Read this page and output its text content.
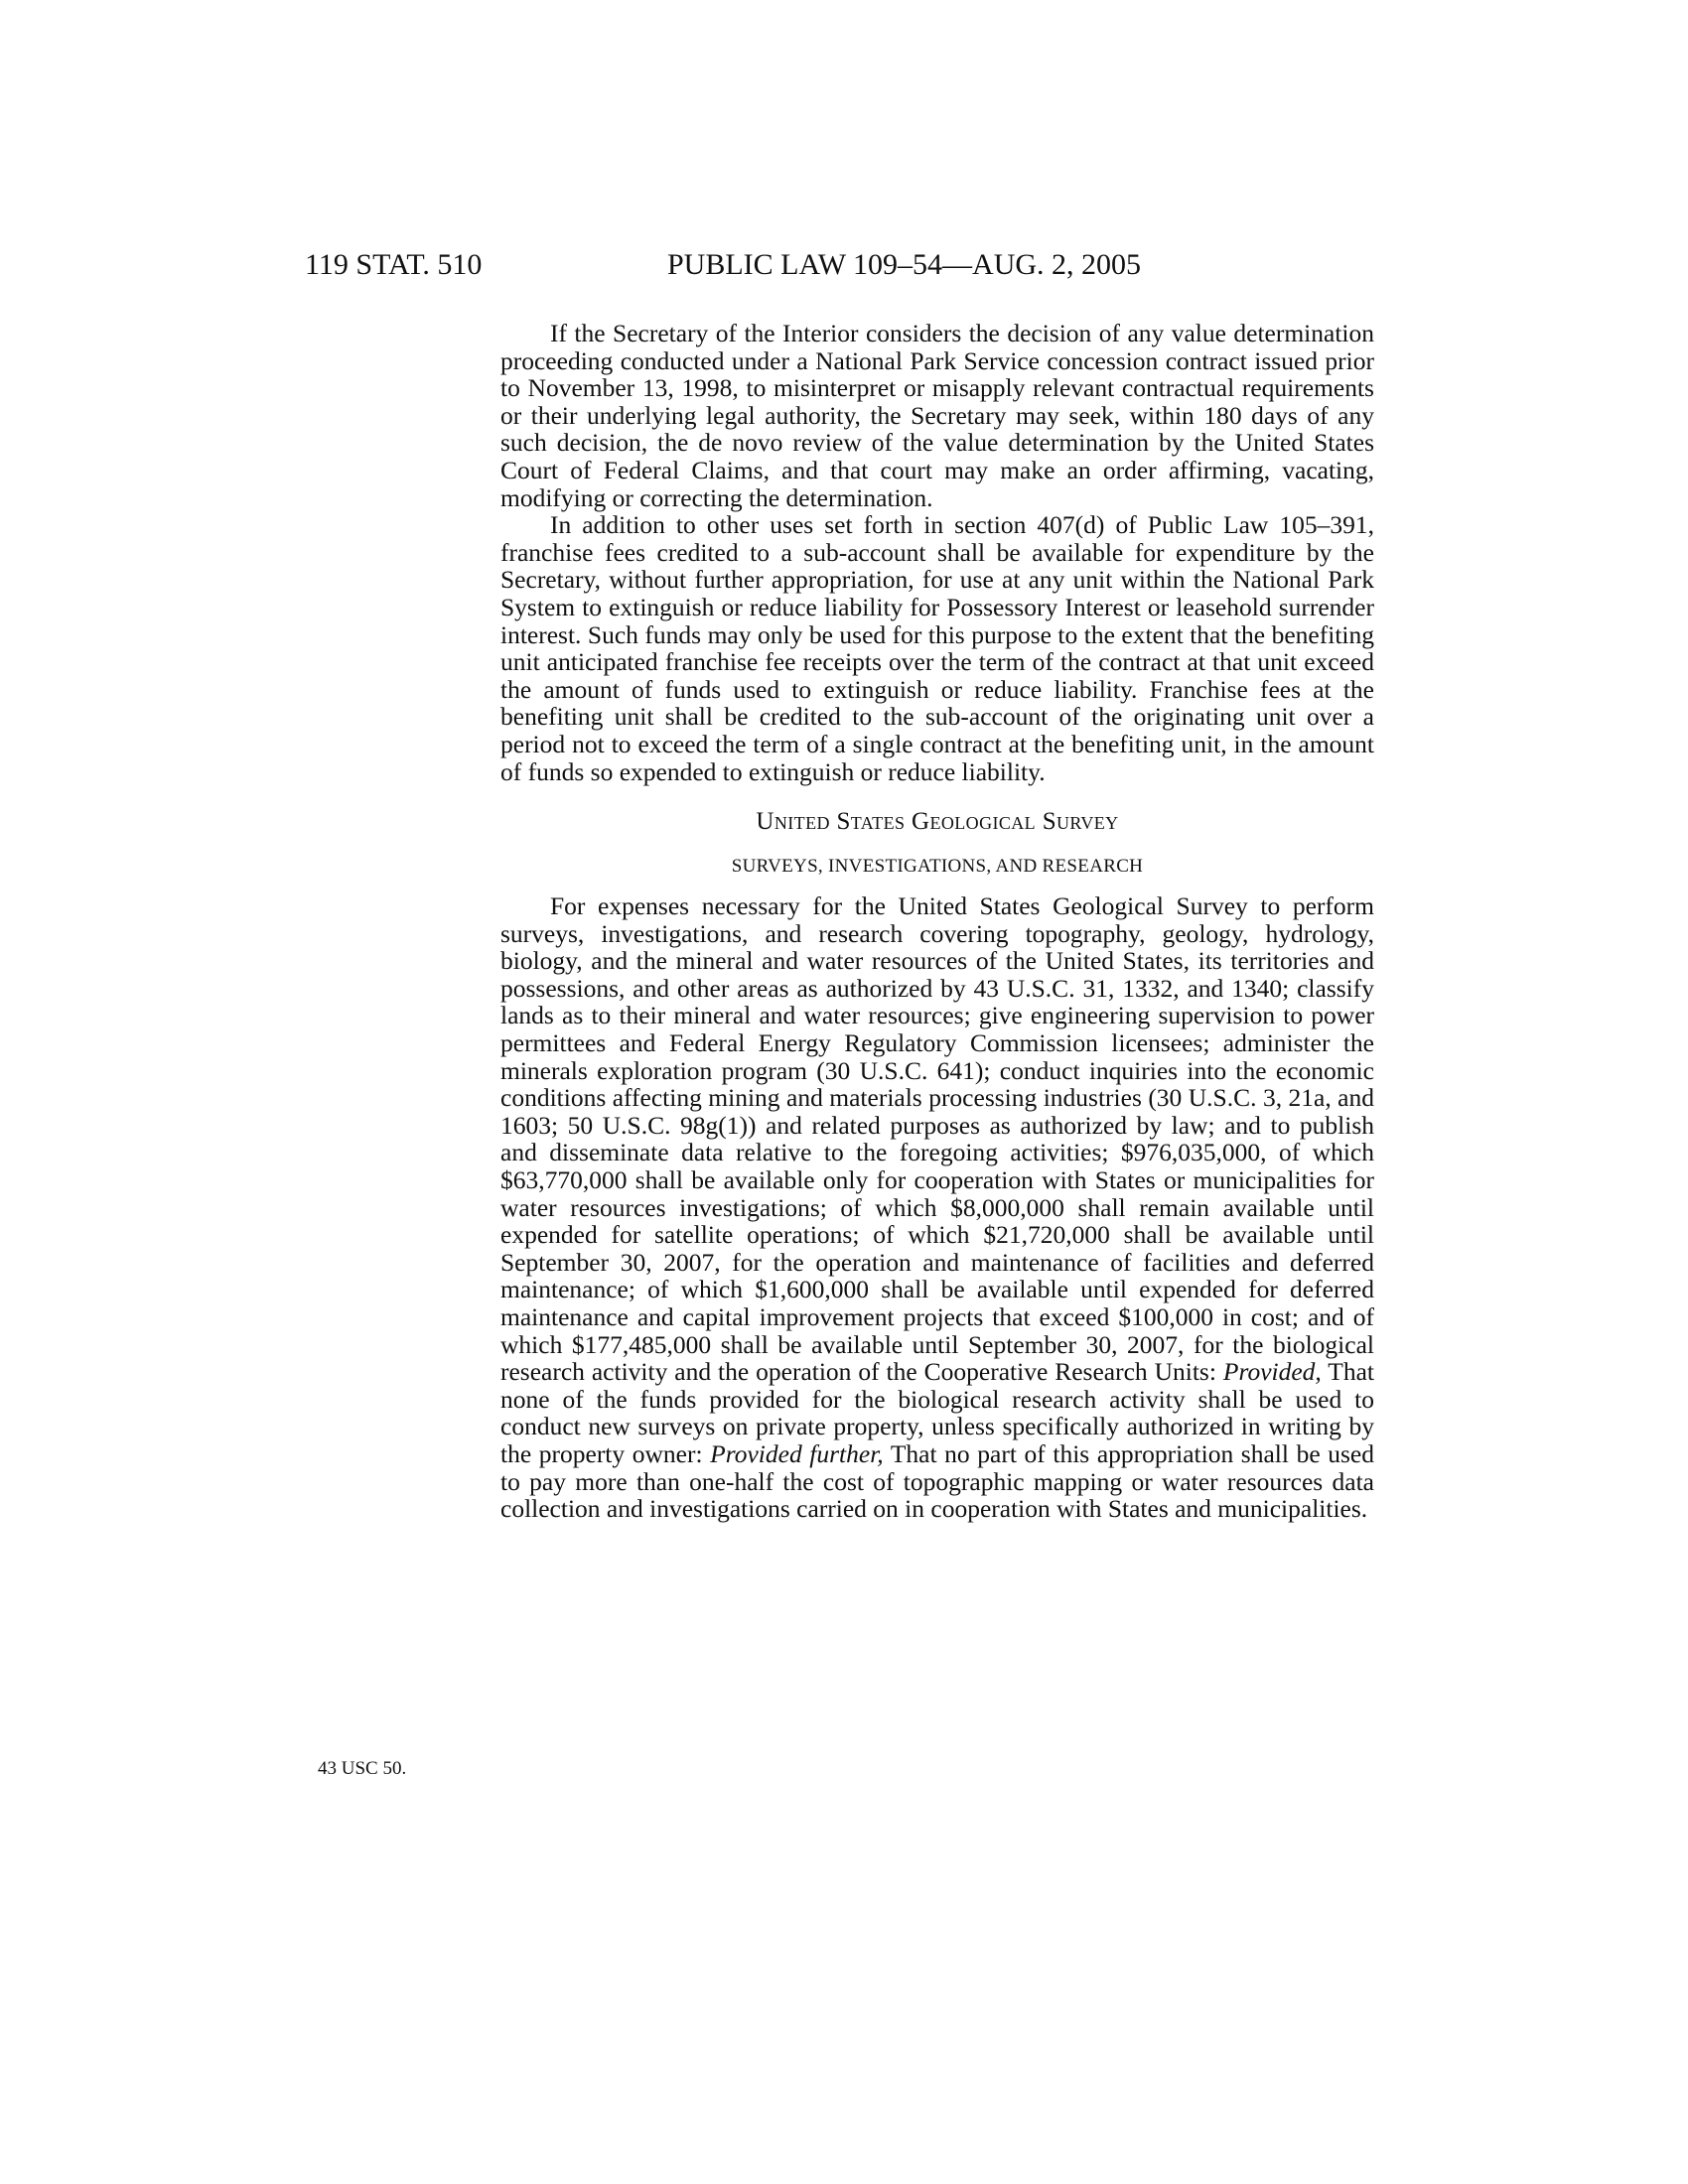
119 STAT. 510	PUBLIC LAW 109–54—AUG. 2, 2005

If the Secretary of the Interior considers the decision of any value determination proceeding conducted under a National Park Service concession contract issued prior to November 13, 1998, to misinterpret or misapply relevant contractual requirements or their underlying legal authority, the Secretary may seek, within 180 days of any such decision, the de novo review of the value determination by the United States Court of Federal Claims, and that court may make an order affirming, vacating, modifying or correcting the determination.

In addition to other uses set forth in section 407(d) of Public Law 105–391, franchise fees credited to a sub-account shall be available for expenditure by the Secretary, without further appropriation, for use at any unit within the National Park System to extinguish or reduce liability for Possessory Interest or leasehold surrender interest. Such funds may only be used for this purpose to the extent that the benefiting unit anticipated franchise fee receipts over the term of the contract at that unit exceed the amount of funds used to extinguish or reduce liability. Franchise fees at the benefiting unit shall be credited to the sub-account of the originating unit over a period not to exceed the term of a single contract at the benefiting unit, in the amount of funds so expended to extinguish or reduce liability.

United States Geological Survey
SURVEYS, INVESTIGATIONS, AND RESEARCH

For expenses necessary for the United States Geological Survey to perform surveys, investigations, and research covering topography, geology, hydrology, biology, and the mineral and water resources of the United States, its territories and possessions, and other areas as authorized by 43 U.S.C. 31, 1332, and 1340; classify lands as to their mineral and water resources; give engineering supervision to power permittees and Federal Energy Regulatory Commission licensees; administer the minerals exploration program (30 U.S.C. 641); conduct inquiries into the economic conditions affecting mining and materials processing industries (30 U.S.C. 3, 21a, and 1603; 50 U.S.C. 98g(1)) and related purposes as authorized by law; and to publish and disseminate data relative to the foregoing activities; $976,035,000, of which $63,770,000 shall be available only for cooperation with States or municipalities for water resources investigations; of which $8,000,000 shall remain available until expended for satellite operations; of which $21,720,000 shall be available until September 30, 2007, for the operation and maintenance of facilities and deferred maintenance; of which $1,600,000 shall be available until expended for deferred maintenance and capital improvement projects that exceed $100,000 in cost; and of which $177,485,000 shall be available until September 30, 2007, for the biological research activity and the operation of the Cooperative Research Units: Provided, That none of the funds provided for the biological research activity shall be used to conduct new surveys on private property, unless specifically authorized in writing by the property owner: Provided further, That no part of this appropriation shall be used to pay more than one-half the cost of topographic mapping or water resources data collection and investigations carried on in cooperation with States and municipalities.

43 USC 50.
